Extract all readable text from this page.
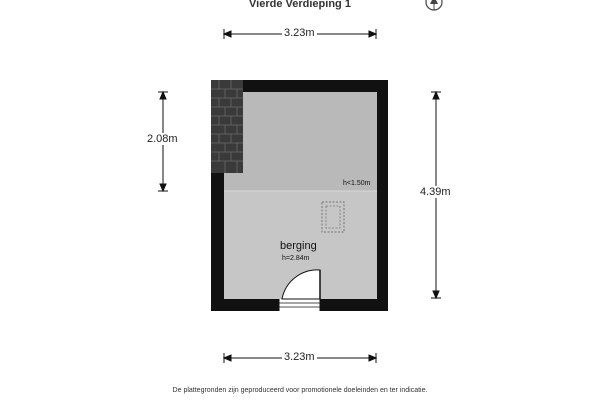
Vierde Verdieping 1
3.23m
3.23m
2.08m
4.39m
h<1.50m
berging
h=2.84m
De plattegronden zijn geproduceerd voor promotionele doeleinden en ter indicatie.
